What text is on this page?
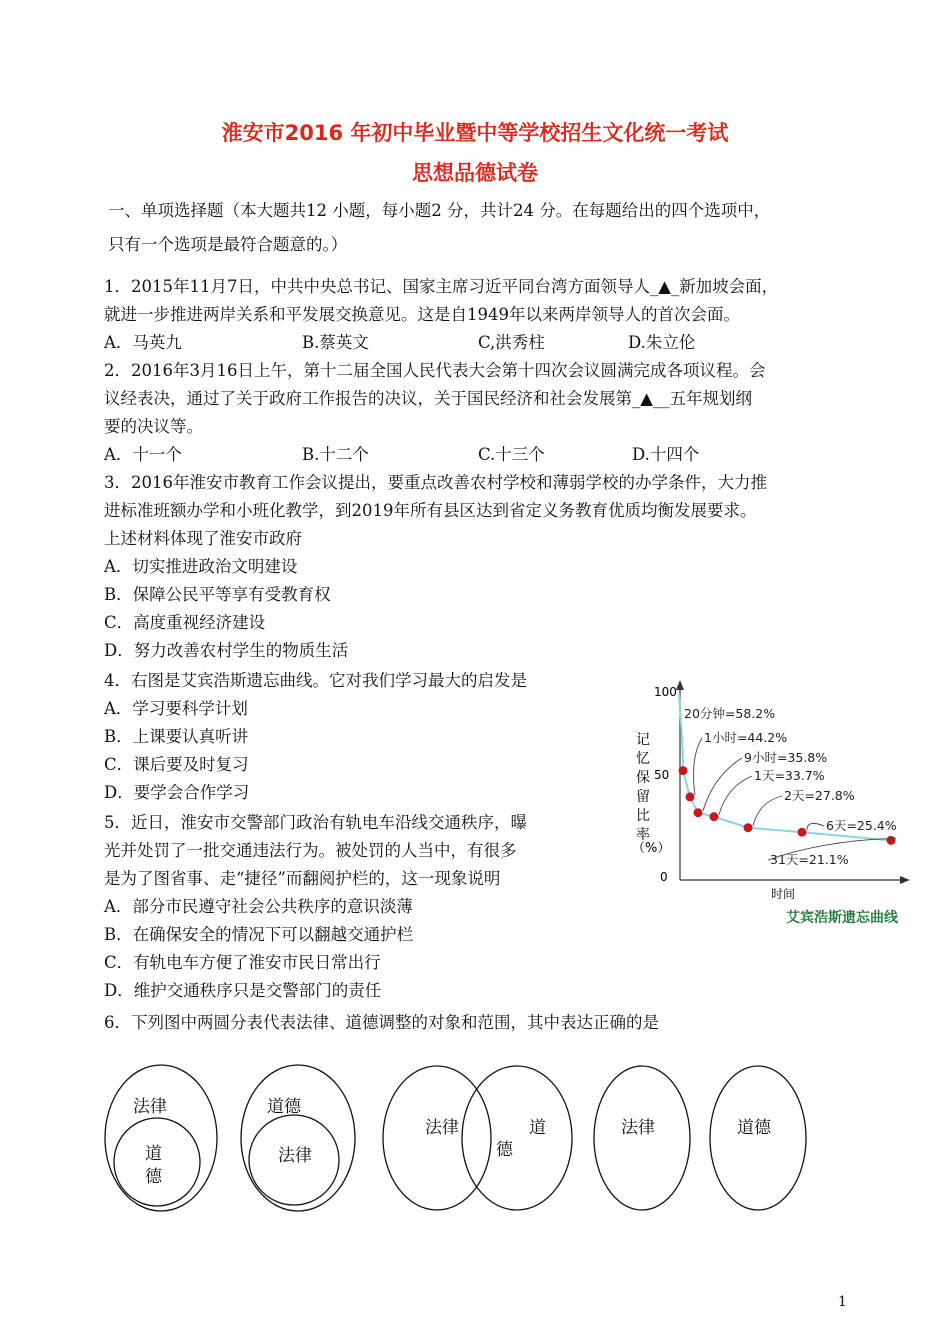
淮安市2016 年初中毕业暨中等学校招生文化统一考试
思想品德试卷
一、单项选择题（本大题共12 小题，每小题2 分，共计24 分。在每题给出的四个选项中，
只有一个选项是最符合题意的。）
1．2015年11月7日，中共中央总书记、国家主席习近平同台湾方面领导人_▲_新加坡会面，
就进一步推进两岸关系和平发展交换意见。这是自1949年以来两岸领导人的首次会面。
A．马英九	B.蔡英文	C,洪秀柱	D.朱立伦
2．2016年3月16日上午，第十二届全国人民代表大会第十四次会议圆满完成各项议程。会
议经表决，通过了关于政府工作报告的决议，关于国民经济和社会发展第_▲__五年规划纲
要的决议等。
A．十一个	B.十二个	C.十三个	D.十四个
3．2016年淮安市教育工作会议提出，要重点改善农村学校和薄弱学校的办学条件，大力推
进标准班额办学和小班化教学，到2019年所有县区达到省定义务教育优质均衡发展要求。
上述材料体现了淮安市政府
A．切实推进政治文明建设
B．保障公民平等享有受教育权
C．高度重视经济建设
D．努力改善农村学生的物质生活
4．右图是艾宾浩斯遗忘曲线。它对我们学习最大的启发是
A．学习要科学计划
B．上课要认真听讲
C．课后要及时复习
D．要学会合作学习
5．近日，淮安市交警部门政治有轨电车沿线交通秩序，曝
光并处罚了一批交通违法行为。被处罚的人当中，有很多
是为了图省事、走“捷径”而翻阅护栏的，这一现象说明
A．部分市民遵守社会公共秩序的意识淡薄
B．在确保安全的情况下可以翻越交通护栏
C．有轨电车方便了淮安市民日常出行
D．维护交通秩序只是交警部门的责任
6．下列图中两圆分表代表法律、道德调整的对象和范围，其中表达正确的是
100
50
0
时间
艾宾浩斯遗忘曲线
记
忆
保
留
比
率
（%）
20分钟=58.2%
1小时=44.2%
9小时=35.8%
1天=33.7%
2天=27.8%
6天=25.4%
31天=21.1%
法律
道
德
道德
法律
法律	道
德
法律	道德
1
